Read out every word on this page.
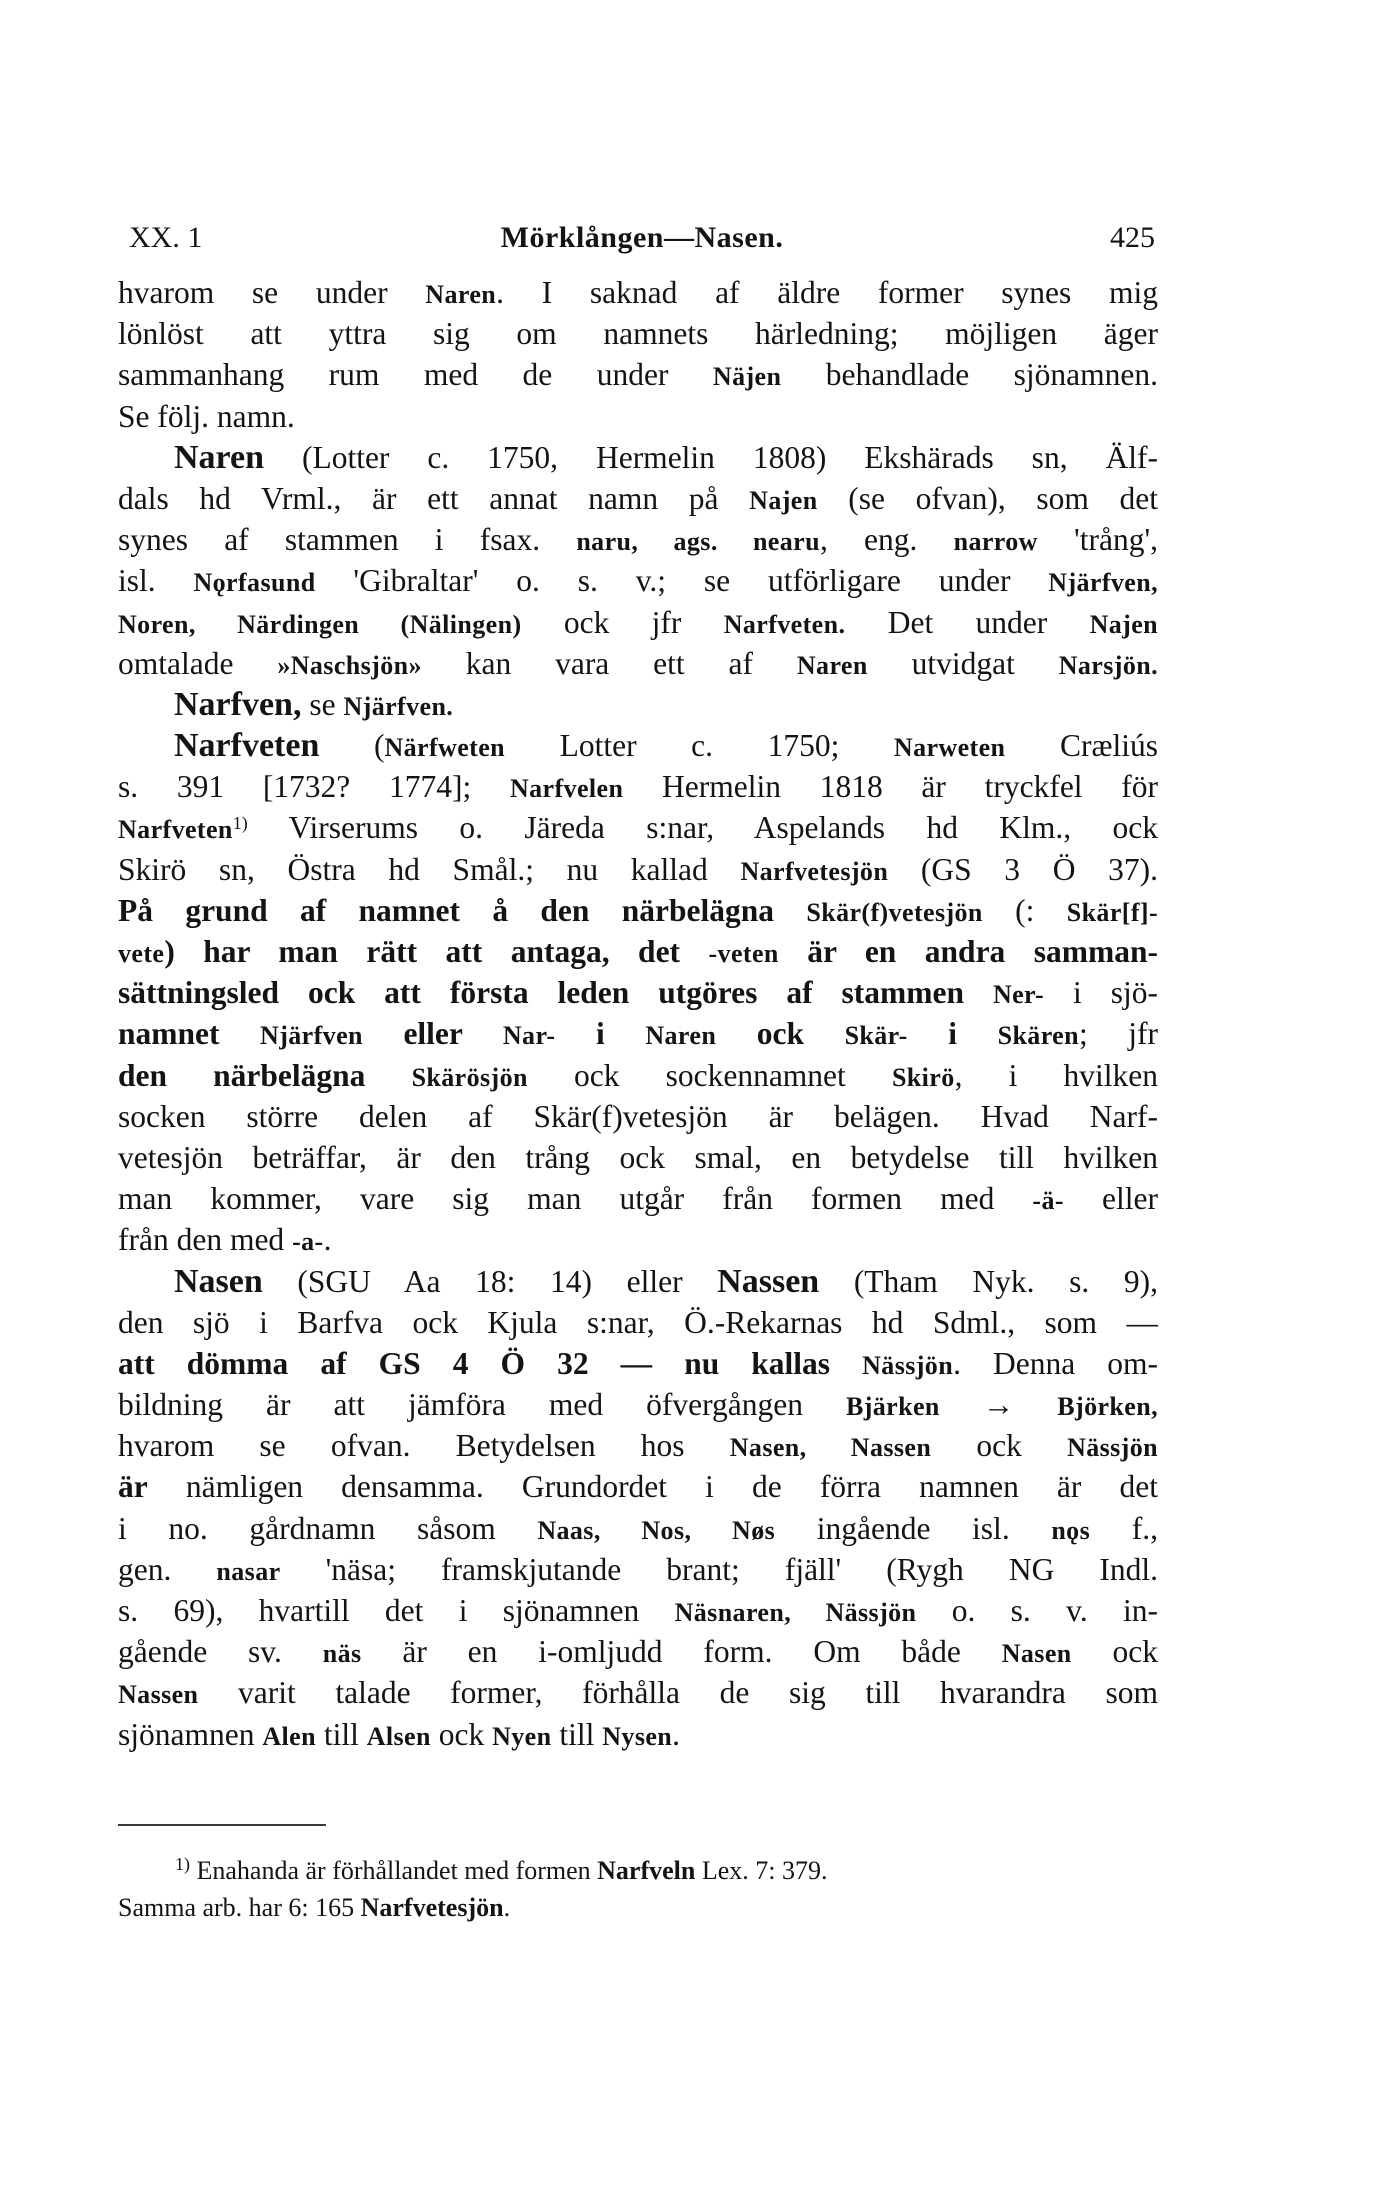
XX. 1	Mörklången—Nasen.	425
hvarom se under Naren. I saknad af äldre former synes mig
lönlöst att yttra sig om namnets härledning; möjligen äger
sammanhang rum med de under Näjen behandlade sjönamnen.
Se följ. namn.
Naren (Lotter c. 1750, Hermelin 1808) Ekshärads sn, Älf-
dals hd Vrml., är ett annat namn på Najen (se ofvan), som det
synes af stammen i fsax. naru, ags. nearu, eng. narrow 'trång',
isl. Nǫrfasund 'Gibraltar' o. s. v.; se utförligare under Njärfven,
Noren, Närdingen (Nälingen) ock jfr Narfveten. Det under Najen
omtalade »Naschsjön» kan vara ett af Naren utvidgat Narsjön.
Narfven, se Njärfven.
Narfveten (Närfweten Lotter c. 1750; Narweten Cræliús
s. 391 [1732? 1774]; Narfvelen Hermelin 1818 är tryckfel för
Narfveten$^{1)}$ Virserums o. Järeda s:nar, Aspelands hd Klm., ock
Skirö sn, Östra hd Smål.; nu kallad Narfvetesjön (GS 3 Ö 37).
På grund af namnet å den närbelägna Skär(f)vetesjön (: Skär[f]-
vete) har man rätt att antaga, det -veten är en andra samman-
sättningsled ock att första leden utgöres af stammen Ner- i sjö-
namnet Njärfven eller Nar- i Naren ock Skär- i Skären; jfr
den närbelägna Skärösjön ock sockennamnet Skirö, i hvilken
socken större delen af Skär(f)vetesjön är belägen. Hvad Narf-
vetesjön beträffar, är den trång ock smal, en betydelse till hvilken
man kommer, vare sig man utgår från formen med -ä- eller
från den med -a-.
Nasen (SGU Aa 18: 14) eller Nassen (Tham Nyk. s. 9),
den sjö i Barfva ock Kjula s:nar, Ö.-Rekarnas hd Sdml., som —
att dömma af GS 4 Ö 32 — nu kallas Nässjön. Denna om-
bildning är att jämföra med öfvergången Bjärken → Björken,
hvarom se ofvan. Betydelsen hos Nasen, Nassen ock Nässjön
är nämligen densamma. Grundordet i de förra namnen är det
i no. gårdnamn såsom Naas, Nos, Nøs ingående isl. nǫs f.,
gen. nasar 'näsa; framskjutande brant; fjäll' (Rygh NG Indl.
s. 69), hvartill det i sjönamnen Näsnaren, Nässjön o. s. v. in-
gående sv. näs är en i-omljudd form. Om både Nasen ock
Nassen varit talade former, förhålla de sig till hvarandra som
sjönamnen Alen till Alsen ock Nyen till Nysen.
$^{1)}$ Enahanda är förhållandet med formen Narfveln Lex. 7: 379.
Samma arb. har 6: 165 Narfvetesjön.
